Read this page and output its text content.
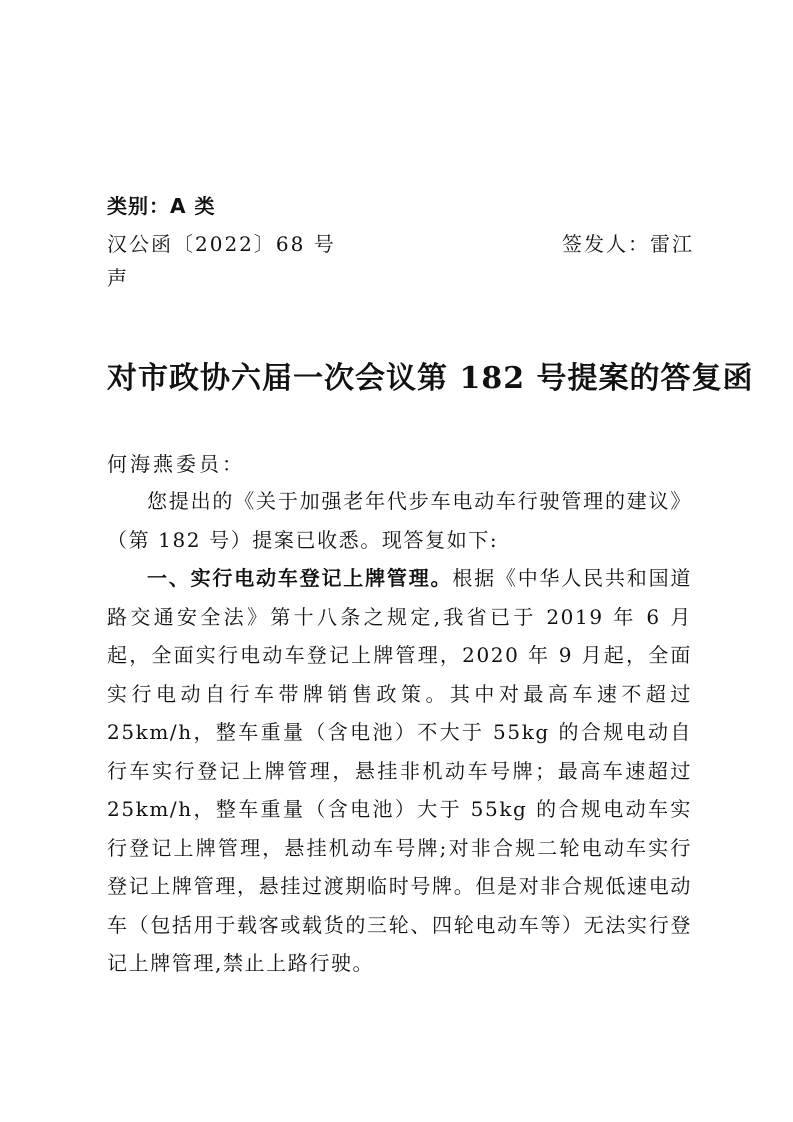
类别：A 类
汉公函〔2022〕68 号	签发人：雷江
声
对市政协六届一次会议第 182 号提案的答复函
何海燕委员：

您提出的《关于加强老年代步车电动车行驶管理的建议》（第 182 号）提案已收悉。现答复如下:

一、实行电动车登记上牌管理。根据《中华人民共和国道路交通安全法》第十八条之规定,我省已于 2019 年 6 月起，全面实行电动车登记上牌管理，2020 年 9 月起，全面实行电动自行车带牌销售政策。其中对最高车速不超过 25km/h，整车重量（含电池）不大于 55kg 的合规电动自行车实行登记上牌管理，悬挂非机动车号牌；最高车速超过 25km/h，整车重量（含电池）大于 55kg 的合规电动车实行登记上牌管理，悬挂机动车号牌;对非合规二轮电动车实行登记上牌管理，悬挂过渡期临时号牌。但是对非合规低速电动车（包括用于载客或载货的三轮、四轮电动车等）无法实行登记上牌管理,禁止上路行驶。
